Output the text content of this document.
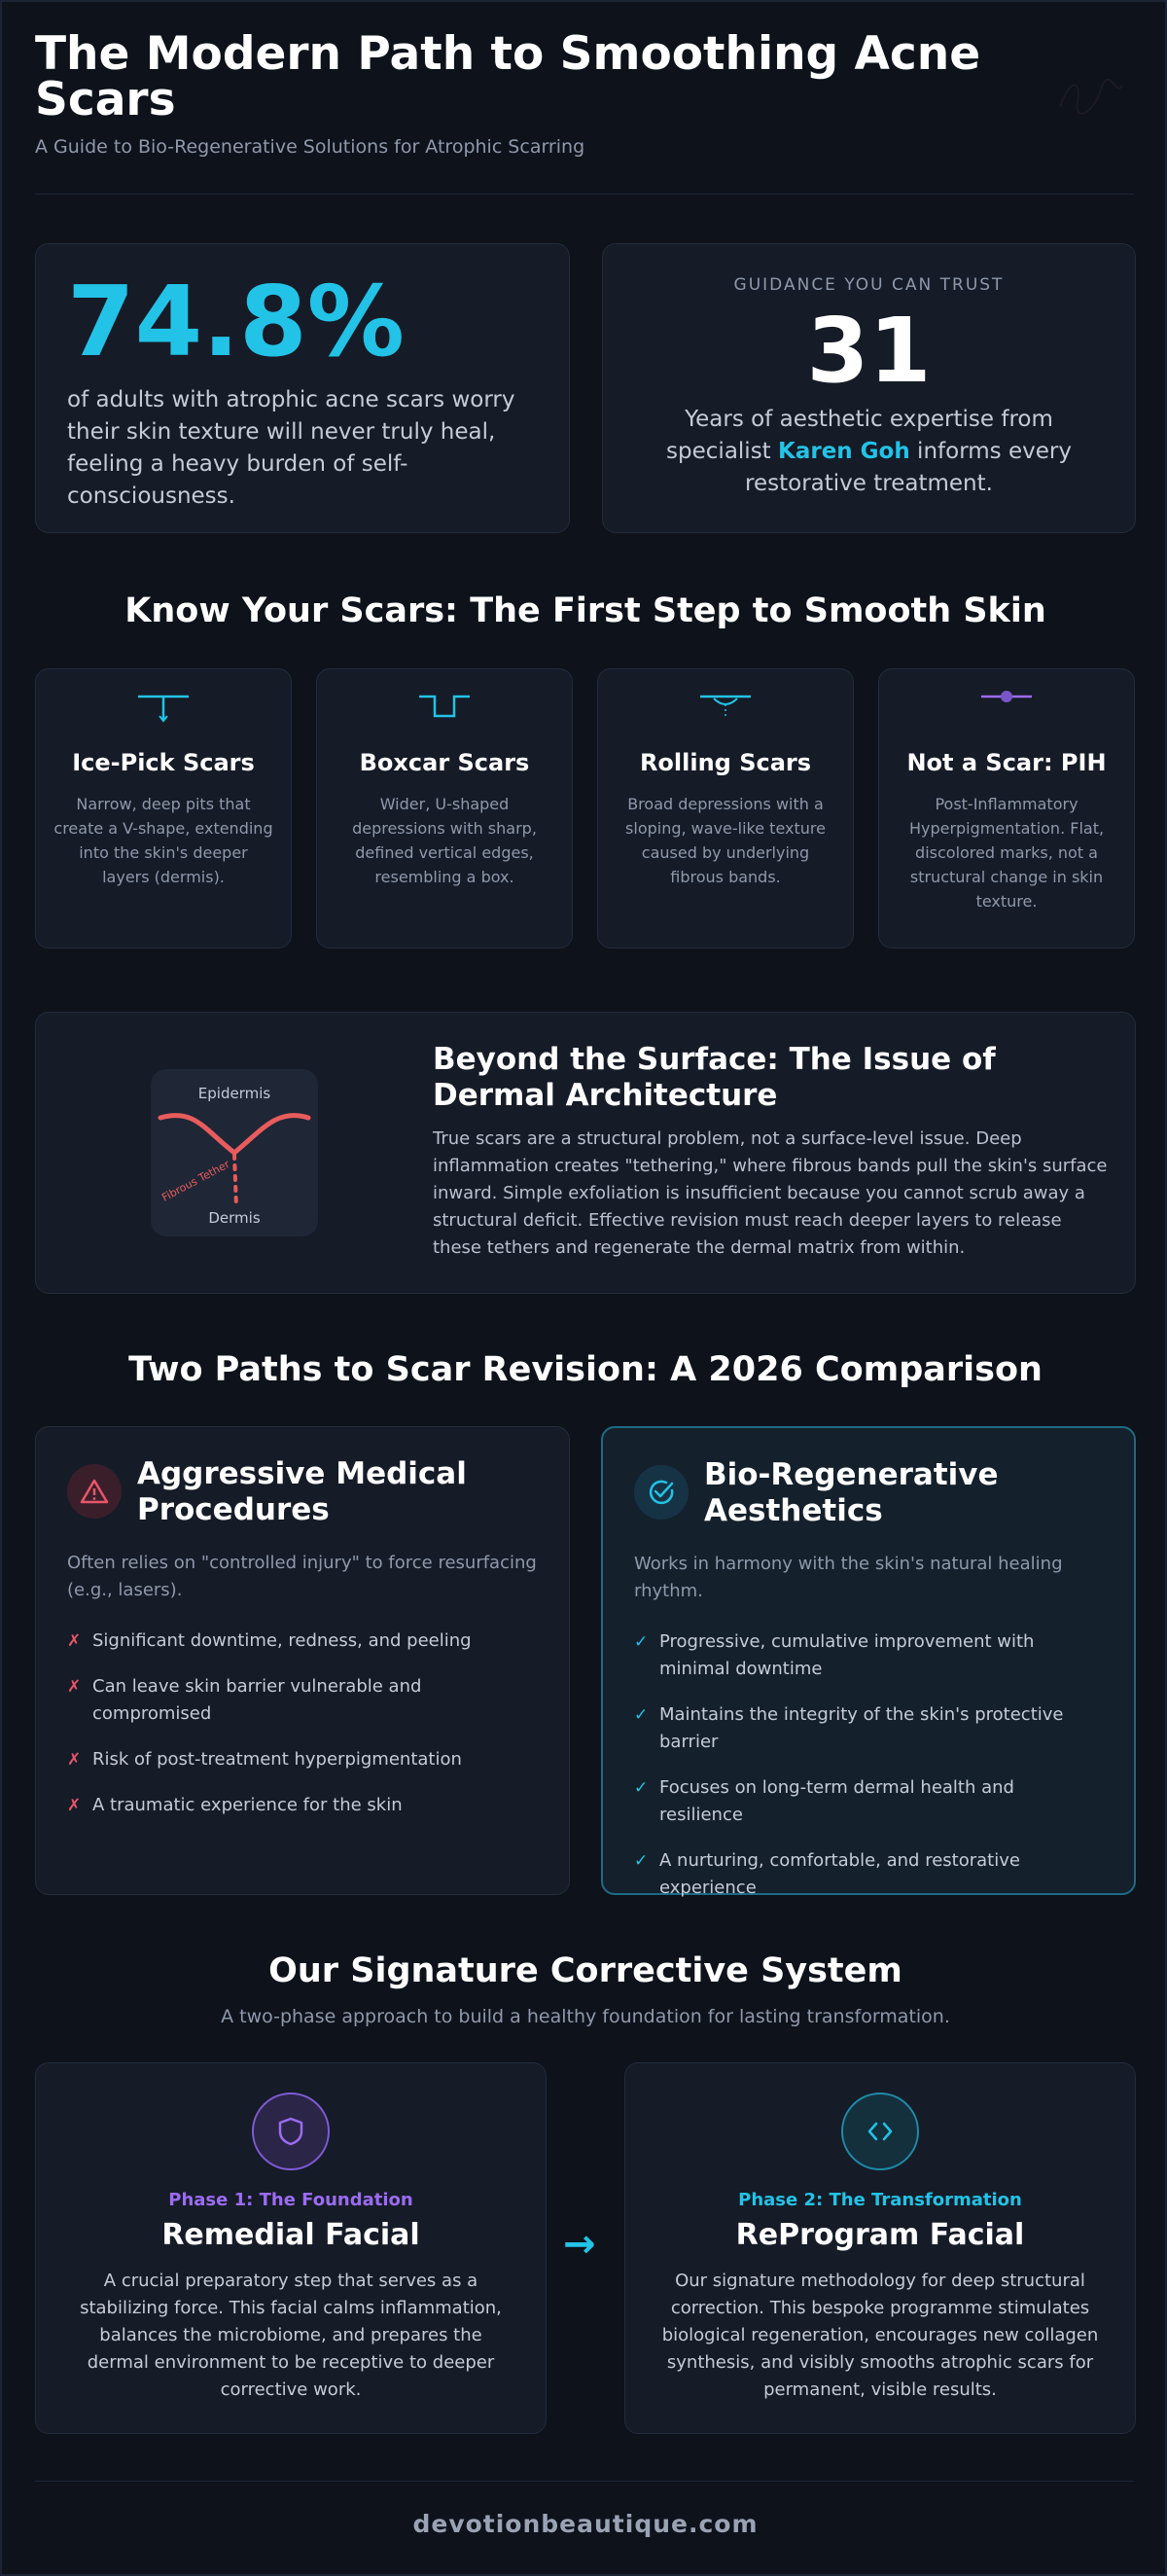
The Modern Path to Smoothing Acne Scars
A Guide to Bio-Regenerative Solutions for Atrophic Scarring
74.8%
of adults with atrophic acne scars worry their skin texture will never truly heal, feeling a heavy burden of self-consciousness.
GUIDANCE YOU CAN TRUST
31
Years of aesthetic expertise from specialist Karen Goh informs every restorative treatment.
Know Your Scars: The First Step to Smooth Skin
Ice-Pick Scars
Narrow, deep pits that create a V-shape, extending into the skin's deeper layers (dermis).
Boxcar Scars
Wider, U-shaped depressions with sharp, defined vertical edges, resembling a box.
Rolling Scars
Broad depressions with a sloping, wave-like texture caused by underlying fibrous bands.
Not a Scar: PIH
Post-Inflammatory Hyperpigmentation. Flat, discolored marks, not a structural change in skin texture.
Epidermis
Fibrous Tether
Dermis
Beyond the Surface: The Issue of Dermal Architecture

True scars are a structural problem, not a surface-level issue. Deep inflammation creates "tethering," where fibrous bands pull the skin's surface inward. Simple exfoliation is insufficient because you cannot scrub away a structural deficit. Effective revision must reach deeper layers to release these tethers and regenerate the dermal matrix from within.

Two Paths to Scar Revision: A 2026 Comparison
Aggressive Medical Procedures

Often relies on "controlled injury" to force resurfacing (e.g., lasers).

✗ Significant downtime, redness, and peeling
✗ Can leave skin barrier vulnerable and compromised
✗ Risk of post-treatment hyperpigmentation
✗ A traumatic experience for the skin
Bio-Regenerative Aesthetics

Works in harmony with the skin's natural healing rhythm.

✓ Progressive, cumulative improvement with minimal downtime
✓ Maintains the integrity of the skin's protective barrier
✓ Focuses on long-term dermal health and resilience
✓ A nurturing, comfortable, and restorative experience
Our Signature Corrective System

A two-phase approach to build a healthy foundation for lasting transformation.

Phase 1: The Foundation
Remedial Facial

A crucial preparatory step that serves as a stabilizing force. This facial calms inflammation, balances the microbiome, and prepares the dermal environment to be receptive to deeper corrective work.

→
Phase 2: The Transformation
ReProgram Facial

Our signature methodology for deep structural correction. This bespoke programme stimulates biological regeneration, encourages new collagen synthesis, and visibly smooths atrophic scars for permanent, visible results.

devotionbeautique.com
